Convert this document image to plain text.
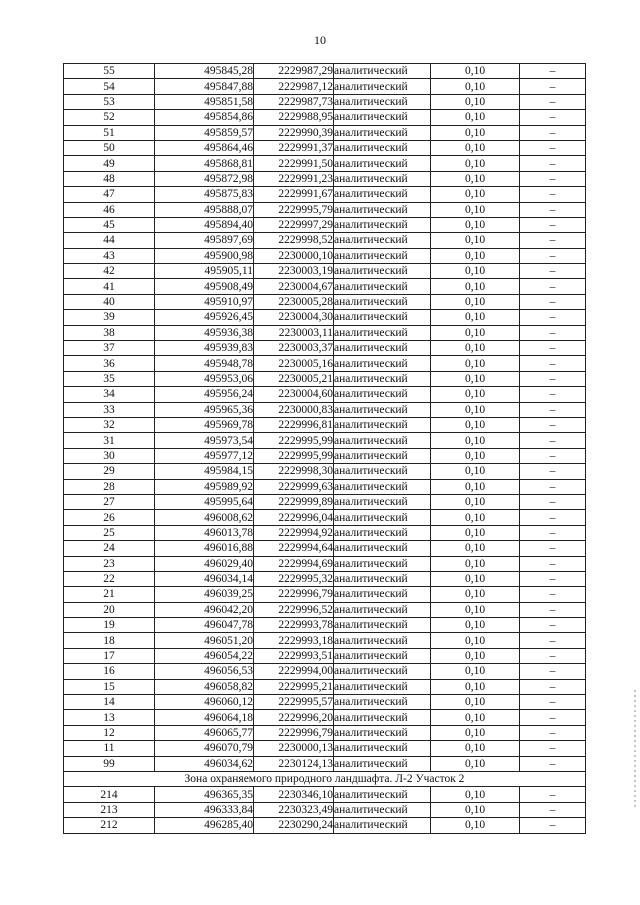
10
55	495845,28	2229987,29	аналитический	0,10	–
54	495847,88	2229987,12	аналитический	0,10	–
53	495851,58	2229987,73	аналитический	0,10	–
52	495854,86	2229988,95	аналитический	0,10	–
51	495859,57	2229990,39	аналитический	0,10	–
50	495864,46	2229991,37	аналитический	0,10	–
49	495868,81	2229991,50	аналитический	0,10	–
48	495872,98	2229991,23	аналитический	0,10	–
47	495875,83	2229991,67	аналитический	0,10	–
46	495888,07	2229995,79	аналитический	0,10	–
45	495894,40	2229997,29	аналитический	0,10	–
44	495897,69	2229998,52	аналитический	0,10	–
43	495900,98	2230000,10	аналитический	0,10	–
42	495905,11	2230003,19	аналитический	0,10	–
41	495908,49	2230004,67	аналитический	0,10	–
40	495910,97	2230005,28	аналитический	0,10	–
39	495926,45	2230004,30	аналитический	0,10	–
38	495936,38	2230003,11	аналитический	0,10	–
37	495939,83	2230003,37	аналитический	0,10	–
36	495948,78	2230005,16	аналитический	0,10	–
35	495953,06	2230005,21	аналитический	0,10	–
34	495956,24	2230004,60	аналитический	0,10	–
33	495965,36	2230000,83	аналитический	0,10	–
32	495969,78	2229996,81	аналитический	0,10	–
31	495973,54	2229995,99	аналитический	0,10	–
30	495977,12	2229995,99	аналитический	0,10	–
29	495984,15	2229998,30	аналитический	0,10	–
28	495989,92	2229999,63	аналитический	0,10	–
27	495995,64	2229999,89	аналитический	0,10	–
26	496008,62	2229996,04	аналитический	0,10	–
25	496013,78	2229994,92	аналитический	0,10	–
24	496016,88	2229994,64	аналитический	0,10	–
23	496029,40	2229994,69	аналитический	0,10	–
22	496034,14	2229995,32	аналитический	0,10	–
21	496039,25	2229996,79	аналитический	0,10	–
20	496042,20	2229996,52	аналитический	0,10	–
19	496047,78	2229993,78	аналитический	0,10	–
18	496051,20	2229993,18	аналитический	0,10	–
17	496054,22	2229993,51	аналитический	0,10	–
16	496056,53	2229994,00	аналитический	0,10	–
15	496058,82	2229995,21	аналитический	0,10	–
14	496060,12	2229995,57	аналитический	0,10	–
13	496064,18	2229996,20	аналитический	0,10	–
12	496065,77	2229996,79	аналитический	0,10	–
11	496070,79	2230000,13	аналитический	0,10	–
99	496034,62	2230124,13	аналитический	0,10	–
Зона охраняемого природного ландшафта. Л-2 Участок 2					
214	496365,35	2230346,10	аналитический	0,10	–
213	496333,84	2230323,49	аналитический	0,10	–
212	496285,40	2230290,24	аналитический	0,10	–
